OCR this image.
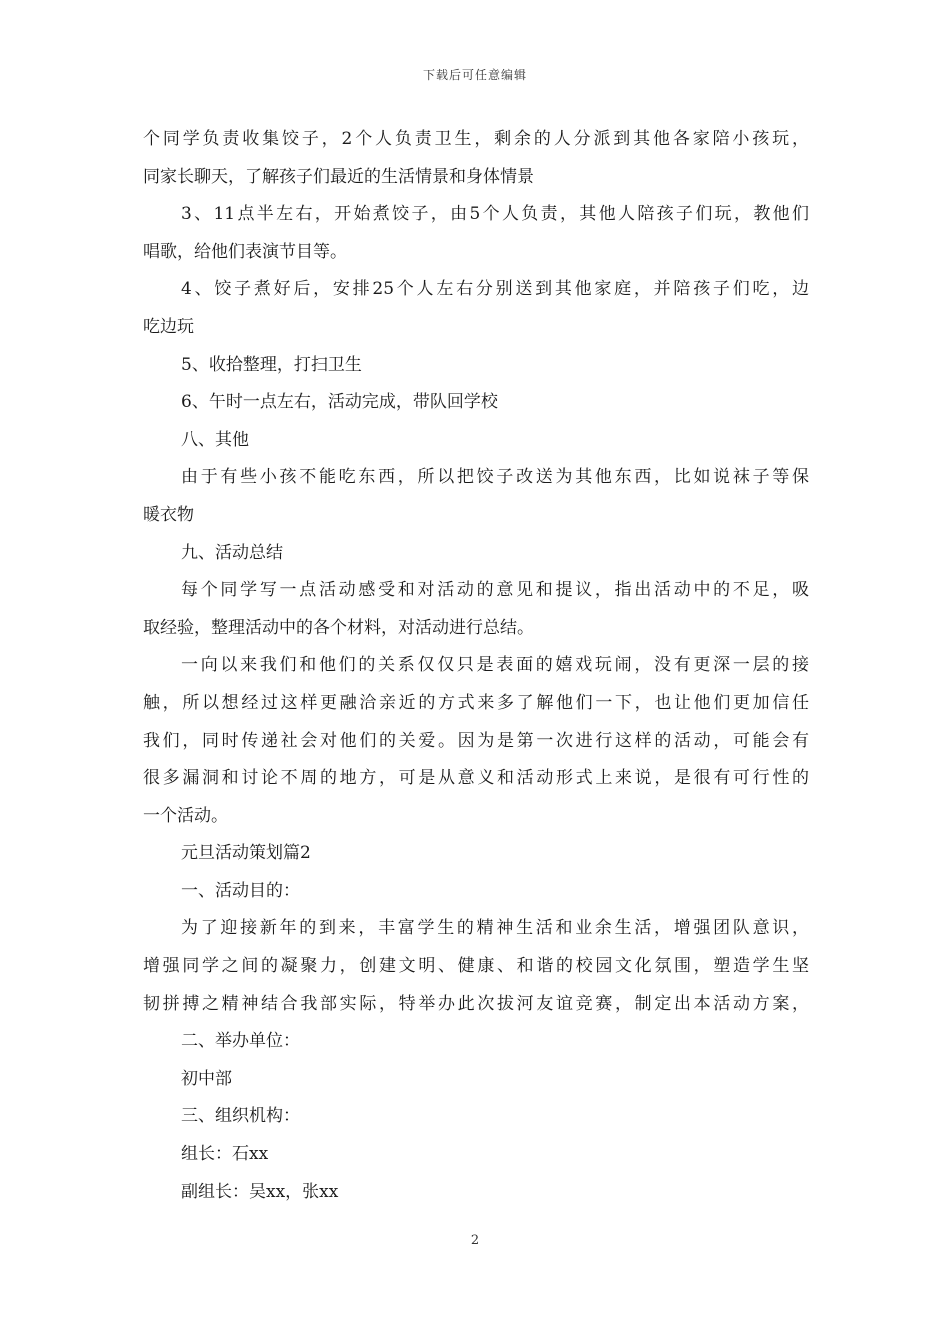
下载后可任意编辑
个同学负责收集饺子，2个人负责卫生，剩余的人分派到其他各家陪小孩玩，
同家长聊天，了解孩子们最近的生活情景和身体情景
3、11点半左右，开始煮饺子，由5个人负责，其他人陪孩子们玩，教他们
唱歌，给他们表演节目等。
4、饺子煮好后，安排25个人左右分别送到其他家庭，并陪孩子们吃，边
吃边玩
5、收拾整理，打扫卫生
6、午时一点左右，活动完成，带队回学校
八、其他
由于有些小孩不能吃东西，所以把饺子改送为其他东西，比如说袜子等保
暖衣物
九、活动总结
每个同学写一点活动感受和对活动的意见和提议，指出活动中的不足，吸
取经验，整理活动中的各个材料，对活动进行总结。
一向以来我们和他们的关系仅仅只是表面的嬉戏玩闹，没有更深一层的接
触，所以想经过这样更融洽亲近的方式来多了解他们一下，也让他们更加信任
我们，同时传递社会对他们的关爱。因为是第一次进行这样的活动，可能会有
很多漏洞和讨论不周的地方，可是从意义和活动形式上来说，是很有可行性的
一个活动。
元旦活动策划篇2
一、活动目的：
为了迎接新年的到来，丰富学生的精神生活和业余生活，增强团队意识，
增强同学之间的凝聚力，创建文明、健康、和谐的校园文化氛围，塑造学生坚
韧拼搏之精神结合我部实际，特举办此次拔河友谊竞赛，制定出本活动方案，
二、举办单位：
初中部
三、组织机构：
组长：石xx
副组长：吴xx，张xx
2
